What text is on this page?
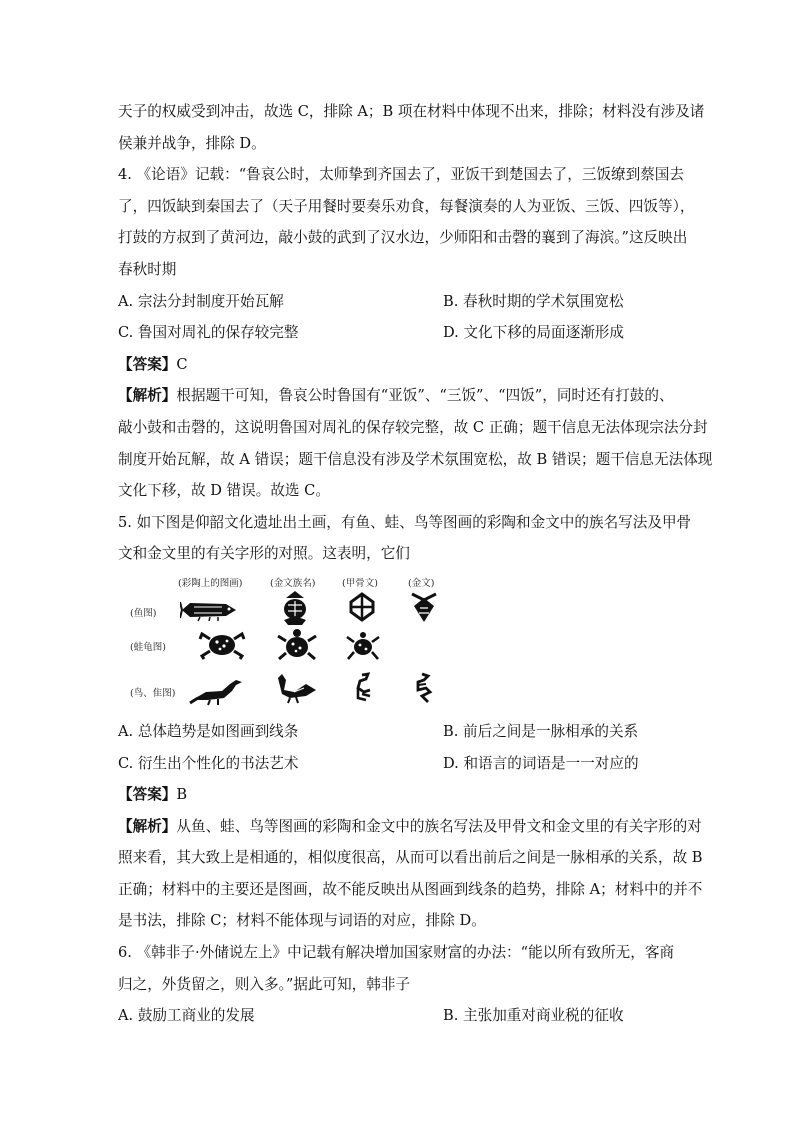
天子的权威受到冲击，故选 C，排除 A；B 项在材料中体现不出来，排除；材料没有涉及诸
侯兼并战争，排除 D。
4. 《论语》记载：“鲁哀公时，太师挚到齐国去了，亚饭干到楚国去了，三饭缭到蔡国去
了，四饭缺到秦国去了（天子用餐时要奏乐劝食，每餐演奏的人为亚饭、三饭、四饭等），
打鼓的方叔到了黄河边，敲小鼓的武到了汉水边，少师阳和击磬的襄到了海滨。”这反映出
春秋时期
A. 宗法分封制度开始瓦解	B. 春秋时期的学术氛围宽松
C. 鲁国对周礼的保存较完整	D. 文化下移的局面逐渐形成
【答案】C
【解析】根据题干可知，鲁哀公时鲁国有“亚饭”、“三饭”、“四饭”，同时还有打鼓的、
敲小鼓和击磬的，这说明鲁国对周礼的保存较完整，故 C 正确；题干信息无法体现宗法分封
制度开始瓦解，故 A 错误；题干信息没有涉及学术氛围宽松，故 B 错误；题干信息无法体现
文化下移，故 D 错误。故选 C。
5. 如下图是仰韶文化遗址出土画，有鱼、蛙、鸟等图画的彩陶和金文中的族名写法及甲骨
文和金文里的有关字形的对照。这表明，它们
(彩陶上的图画)	(金文族名)	(甲骨文)	(金文)
(鱼图)
(蛙龟图)
(鸟、隹图)
A. 总体趋势是如图画到线条	B. 前后之间是一脉相承的关系
C. 衍生出个性化的书法艺术	D. 和语言的词语是一一对应的
【答案】B
【解析】从鱼、蛙、鸟等图画的彩陶和金文中的族名写法及甲骨文和金文里的有关字形的对
照来看，其大致上是相通的，相似度很高，从而可以看出前后之间是一脉相承的关系，故 B
正确；材料中的主要还是图画，故不能反映出从图画到线条的趋势，排除 A；材料中的并不
是书法，排除 C；材料不能体现与词语的对应，排除 D。
6. 《韩非子·外储说左上》中记载有解决增加国家财富的办法：“能以所有致所无，客商
归之，外货留之，则入多。”据此可知，韩非子
A. 鼓励工商业的发展	B. 主张加重对商业税的征收
